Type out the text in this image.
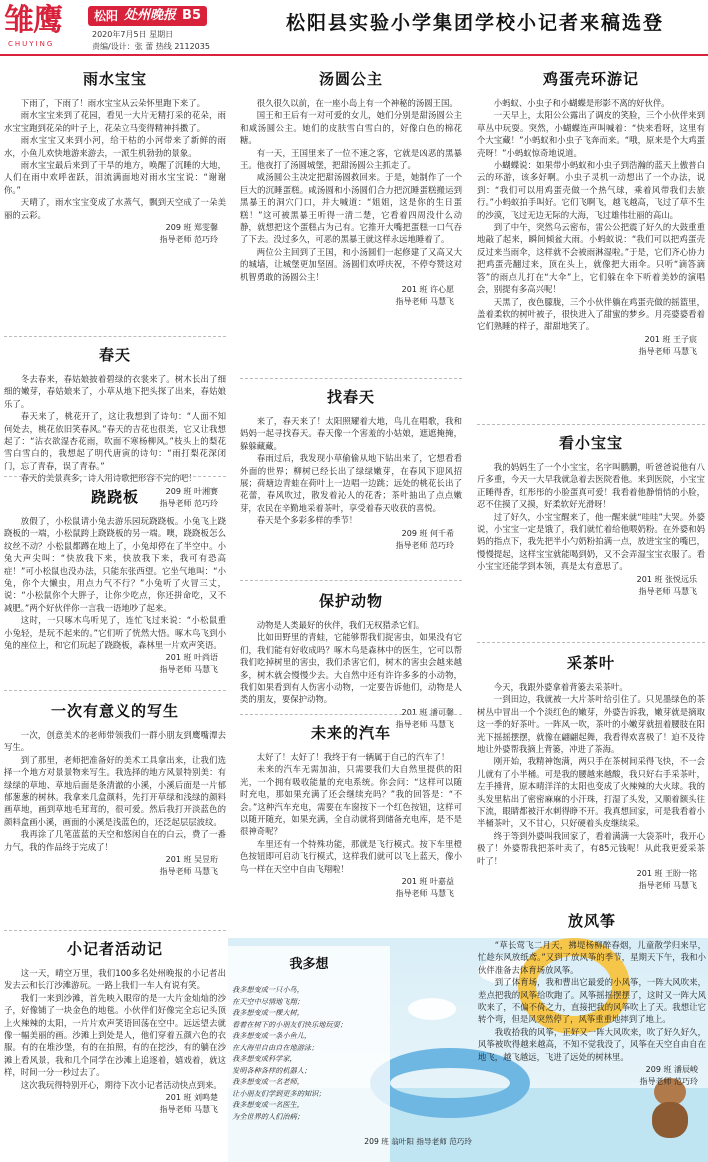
雏鹰
CHUYING
松阳 处州晚报 B5
2020年7月5日 星期日
责编/设计：张 蕾 热线 2112035
松阳县实验小学集团学校小记者来稿选登
雨水宝宝

下雨了，下雨了！雨水宝宝从云朵怀里跑下来了。

雨水宝宝来到了花园，看见一大片无精打采的花朵，雨水宝宝跑到花朵的叶子上，花朵立马变得精神抖擞了。

雨水宝宝又来到小河，给干枯的小河带来了新鲜的雨水，小鱼儿欢快地游来游去，一派生机勃勃的景象。

雨水宝宝最后来到了干旱的地方，唤醒了沉睡的大地，人们在雨中欢呼雀跃，泪流满面地对雨水宝宝说：“谢谢你。”

天晴了，雨水宝宝变成了水蒸气，飘到天空成了一朵美丽的云彩。

209 班 郑雯馨
指导老师 范巧玲
春天

冬去春来，春姑娘披着碧绿的衣裳来了。树木长出了细细的嫩芽，春姑娘来了，小草从地下把头探了出来，春姑娘乐了。

春天来了，桃花开了，这让我想到了诗句：“人面不知何处去，桃花依旧笑春风。”春天的吉花也很美，它又让我想起了：“沾衣欲湿杏花雨，吹面不寒杨柳风。”枝头上的梨花雪白雪白的，我想起了明代唐寅的诗句：“雨打梨花深闭门，忘了青春，误了青春。”

春天的美景真多，诗人用诗歌把形容不完的吧！

209 班 叶湘赛
指导老师 范巧玲
跷跷板

放假了，小松鼠请小兔去游乐园玩跷跷板。小兔飞上跷跷板的一端，小松鼠跨上跷跷板的另一端。噢，跷跷板怎么纹丝不动？小松鼠都蹲在地上了，小兔却停在了半空中。小兔大声尖叫：“快放我下来，快放我下来，我可有恐高症！”可小松鼠也没办法，只能东张西望。它坐气地叫：“小兔，你个大懒虫，用点力气不行？”小兔听了火冒三丈，说：“小松鼠你个大胖子，让你少吃点，你还拼命吃，又不减肥。”两个好伙伴你一言我一语地吵了起来。

这时，一只啄木鸟听见了，连忙飞过来说：“小松鼠重小兔轻，是玩不起来的。”它们听了恍然大悟。啄木鸟飞到小兔的座位上，和它们玩起了跷跷板，森林里一片欢声笑语。

201 班 叶尚语
指导老师 马慧飞
一次有意义的写生

一次，创意美术的老师带领我们一群小朋友到鹰嘴潭去写生。

到了那里，老师把准备好的美术工具拿出来，让我们选择一个地方对景景物来写生。我选择的地方风景特别美：有绿绿的草地、草地后面是条清澈的小溪，小溪后面是一片郁郁葱葱的树林。我拿来几盒颜料，先打开草绿和浅绿的颜料画草地，画到草地毛茸茸的，很可爱。然后我打开淡蓝色的颜料盒画小溪，画面的小溪是浅蓝色的，还泛起层层波纹。

我再涂了几笔蓝蓝的天空和悠闲自在的白云，费了一番力气，我的作品终于完成了！

201 班 吴昱珩
指导老师 马慧飞
小记者活动记

这一天，晴空万里，我们100多名处州晚报的小记者出发去云和长汀沙滩游玩。一路上我们一车人有说有笑。

我们一来到沙滩，首先映入眼帘的是一大片金灿灿的沙子，好像铺了一块金色的地毯。小伙伴们好像完全忘记头顶上火辣辣的太阳，一片片欢声笑语回荡在空中。远远望去就像一幅美丽的画。沙滩上到处是人，他们穿着五颜六色的衣服。有的在堆沙堡，有的在拍照，有的在挖沙，有的躺在沙滩上看风景，我和几个同学在沙滩上追逐着，嬉戏着，就这样，时间一分一秒过去了。

这次我玩得特别开心，期待下次小记者活动快点到来。

201 班 刘鸣楚
指导老师 马慧飞
汤圆公主

很久很久以前，在一座小岛上有一个神秘的汤圆王国。

国王和王后有一对可爱的女儿，她们分别是甜汤圆公主和咸汤圆公主。她们的皮肤雪白雪白的，好像白色的棉花糖。

有一天，王国里来了一位不速之客，它就是凶恶的黑暴王。他夜打了汤圆城堡，把甜汤圆公主抓走了。

咸汤圆公主决定把甜汤圆救回来。于是，她制作了一个巨大的沉睡蛋糕。咸汤圆和小汤圆们合力把沉睡蛋糕搬运到黑暴王的洞穴门口，并大喊道：“姐姐，这是你的生日蛋糕！”这可被黑暴王听得一清二楚，它看着四周没什么动静，就想把这个蛋糕占为己有。它推开大嘴把蛋糕一口气吞了下去。没过多久，可恶的黑暴王就这样永远地睡着了。

两位公主回到了王国，和小汤圆们一起修建了又高又大的城墙，让城堡更加坚固。汤圆们欢呼庆祝，不停夸赞这对机智勇敢的汤圆公主！

201 班 许心愿
指导老师 马慧飞
找春天

来了，春天来了！太阳照耀着大地，鸟儿在唱歌，我和妈妈一起寻找春天。春天像一个害羞的小姑娘，遮遮掩掩，躲躲藏藏。

春雨过后，我发现小草偷偷从地下钻出来了，它想看看外面的世界；柳树已经长出了绿绿嫩芽，在春风下迎风招展；荷塘边青蛙在荷叶上一边唱一边跳；远处的桃花长出了花蕾，春风吹过，散发着沁人的花香；茶叶抽出了点点嫩芽，农民在辛勤地采着茶叶，享受着春天收获的喜悦。

春天是个多彩多样的季节！

209 班 何千希
指导老师 范巧玲
保护动物

动物是人类最好的伙伴，我们无权猎杀它们。

比如田野里的青蛙，它能够帮我们捉害虫，如果没有它们，我们能有好收成吗？啄木鸟是森林中的医生，它可以帮我们吃掉树里的害虫，我们杀害它们，树木的害虫会越来越多，树木就会慢慢少去。大自然中还有许许多多的小动物，我们如果看到有人伤害小动物，一定要告诉他们，动物是人类的朋友，要保护动物。

201 班 潘可馨
指导老师 马慧飞
未来的汽车

太好了！太好了！我终于有一辆属于自己的汽车了！

未来的汽车无需加油，只需要我们大自然里提供的阳光，一个拥有吸收能量的充电系统。你会问：“这样可以随时充电，那如果充满了还会继续充吗？”我的回答是：“不会。”这种汽车充电，需要在车窗按下一个红色按钮，这样可以随开随充，如果充满，全自动就将到储备充电库，是不是很神奇呢？

车里还有一个特殊功能，那就是飞行模式。按下车里橙色按钮即可启动飞行模式，这样我们就可以飞上蓝天，像小鸟一样在天空中自由飞翔啦！

201 班 叶嘉益
指导老师 马慧飞
鸡蛋壳环游记

小蚂蚁、小虫子和小蝴蝶是形影不离的好伙伴。

一天早上，太阳公公露出了调皮的笑脸，三个小伙伴来到草丛中玩耍。突然，小蝴蝶连声叫喊着：“快来看呀，这里有个大宝藏！”小蚂蚁和小虫子飞奔而来。“哦，原来是个大鸡蛋壳呀！”小蚂蚁惊奇地说道。

小蝴蝶说：如果带小蚂蚁和小虫子到浩瀚的蓝天上傲普白云的环游，该多好啊。小虫子灵机一动想出了一个办法，说到：“我们可以用鸡蛋壳做一个热气球，乘着风带我们去旅行。”小蚂蚁拍手叫好。它们飞啊飞，越飞越高，飞过了草不生的沙漠，飞过无边无际的大海，飞过雄伟壮丽的高山。

到了中午，突然乌云密布，雷公公把震了好久的大鼓重重地敲了起来，瞬间倾盆大雨。小蚂蚁说：“我们可以把鸡蛋壳反过来当雨伞，这样就不会被雨淋湿啦。”于是，它们齐心协力把鸡蛋壳翻过来，顶在头上，就像把大雨伞。只听“滴答滴答”的雨点儿打在“大伞”上，它们躲在伞下听着美妙的演唱会，别提有多高兴呢！

天黑了，夜色朦胧，三个小伙伴躺在鸡蛋壳做的摇篮里，盖着柔软的树叶被子，很快进入了甜蜜的梦乡。月亮婆婆看着它们熟睡的样子，甜甜地笑了。

201 班 王子宸
指导老师 马慧飞
看小宝宝

我的妈妈生了一个小宝宝，名字叫鹏鹏，听爸爸说他有八斤多重，今天一大早我就急着去医院看他。来到医院，小宝宝正睡得香，红彤彤的小脸蛋真可爱！我看着他静悄悄的小脸，忍不住摸了又摸，好柔软好光滑呀！

过了好久，小宝宝醒来了，他一醒来就“哇哇”大哭。外婆说，小宝宝一定是饿了，我们就忙着给他喂奶粉。在外婆和妈妈的指点下，我先把半小勺奶粉拍满一点，放进宝宝的嘴巴，慢慢提起，这样宝宝就能喝到奶，又不会弄湿宝宝衣服了。看小宝宝还能学到本领，真是太有意思了。

201 班 张悦远乐
指导老师 马慧飞
采茶叶

今天，我跟外婆拿着背篓去采茶叶。

一到田边，我就被一大片茶叶给引住了。只见墨绿色的茶树丛中冒出一个个淡红色的嫩芽，外婆告诉我，嫩芽就是摘取这一季的好茶叶。一阵风一吹，茶叶的小嫩芽就扭着腰肢在阳光下摇摇摆摆，就像在翩翩起舞，我看得欢喜极了！迫不及待地让外婆帮我摘上背篓，冲进了茶海。

刚开始，我精神饱满，两只手在茶树间采得飞快，不一会儿就有了小半桶。可是我的腰越来越酸，我只好右手采茶叶，左手捶背，原本晴洋洋的太阳也变成了火辣辣的大火球。我的头发里粘出了密密麻麻的小汗珠，打湿了头发，又顺着额头往下流，眼睛都被汗水刺得睁不开。我真想回家，可是我看着小半桶茶叶，又不甘心，只好硬着头皮继续采。

终于等到外婆叫我回家了，看着满满一大袋茶叶，我开心极了！外婆帮我把茶叶卖了，有85元钱呢！从此我更爱采茶叶了！

201 班 王盼一铭
指导老师 马慧飞
放风筝

“草长莺飞二月天，拂堤杨柳醉春烟，儿童散学归来早，忙趁东风放纸鸢。”又到了放风筝的季节，星期天下午，我和小伙伴准备去体育场放风筝。

到了体育场，我和曹出它最爱的小风筝，一阵大风吹来，差点把我的风筝给吹跑了。风筝摇摇摆摆了，这时又一阵大风吹来了，不偏不倚之力，直接把我的风筝吹上了天。我想让它转个弯，但是风突然停了，风筝重重地摔到了地上。

我收拾我的风筝，正好又一阵大风吹来，吹了好久好久，风筝被吹得越来越高，不知不觉我没了，风筝在天空自由自在地飞，越飞越远，飞进了远处的树林里。

209 班 潘辰峻
指导老师 范巧玲
我多想
我多想变成一只小鸟，
在天空中尽情地飞翔；
我多想变成一棵大树，
看着在树下的小朋友们快乐地玩耍；
我多想变成一条小鱼儿，
在大海里自由自在地游泳；
我多想变成科学家，
发明各种各样的机器人；
我多想变成一名老师，
让小朋友们学到更多的知识；
我多想变成一名医生，
为全世界的人们治病；
209 班 翁叶阳 指导老师 范巧玲
